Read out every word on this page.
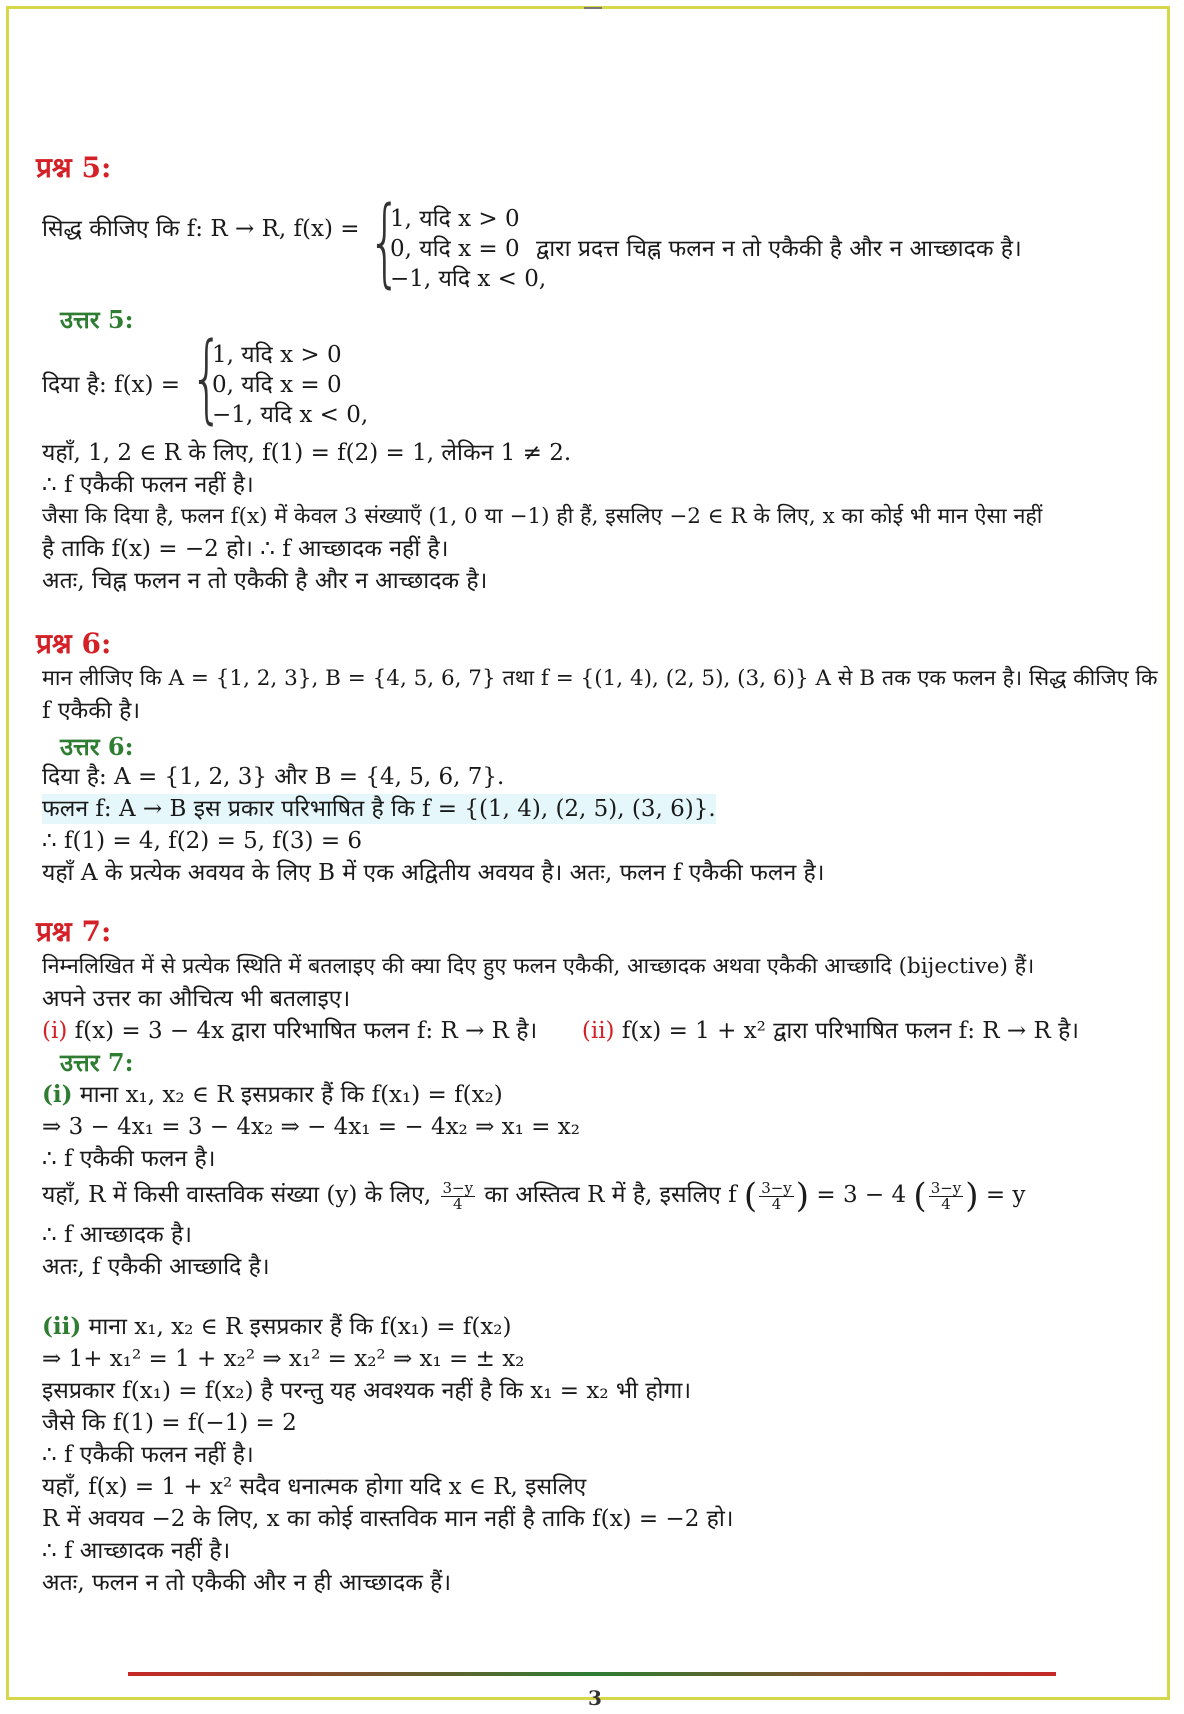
प्रश्न 5:
सिद्ध कीजिए कि f: R → R, f(x) = {
1, यदि x > 0
0, यदि x = 0
−1, यदि x < 0,
द्वारा प्रदत्त चिह्न फलन न तो एकैकी है और न आच्छादक है।
उत्तर 5:
दिया है: f(x) = {
1, यदि x > 0
0, यदि x = 0
−1, यदि x < 0,
यहाँ, 1, 2 ∈ R के लिए, f(1) = f(2) = 1, लेकिन 1 ≠ 2.
∴ f एकैकी फलन नहीं है।
जैसा कि दिया है, फलन f(x) में केवल 3 संख्याएँ (1, 0 या −1) ही हैं, इसलिए −2 ∈ R के लिए, x का कोई भी मान ऐसा नहीं
है ताकि f(x) = −2 हो। ∴ f आच्छादक नहीं है।
अतः, चिह्न फलन न तो एकैकी है और न आच्छादक है।
प्रश्न 6:
मान लीजिए कि A = {1, 2, 3}, B = {4, 5, 6, 7} तथा f = {(1, 4), (2, 5), (3, 6)} A से B तक एक फलन है। सिद्ध कीजिए कि
f एकैकी है।
उत्तर 6:
दिया है: A = {1, 2, 3} और B = {4, 5, 6, 7}.
फलन f: A → B इस प्रकार परिभाषित है कि f = {(1, 4), (2, 5), (3, 6)}.
∴ f(1) = 4, f(2) = 5, f(3) = 6
यहाँ A के प्रत्येक अवयव के लिए B में एक अद्वितीय अवयव है। अतः, फलन f एकैकी फलन है।
प्रश्न 7:
निम्नलिखित में से प्रत्येक स्थिति में बतलाइए की क्या दिए हुए फलन एकैकी, आच्छादक अथवा एकैकी आच्छादि (bijective) हैं।
अपने उत्तर का औचित्य भी बतलाइए।
(i) f(x) = 3 − 4x द्वारा परिभाषित फलन f: R → R है। (ii) f(x) = 1 + x² द्वारा परिभाषित फलन f: R → R है।
उत्तर 7:
(i) माना x₁, x₂ ∈ R इसप्रकार हैं कि f(x₁) = f(x₂)
⇒ 3 − 4x₁ = 3 − 4x₂ ⇒ − 4x₁ = − 4x₂ ⇒ x₁ = x₂
∴ f एकैकी फलन है।
यहाँ, R में किसी वास्तविक संख्या (y) के लिए, $\frac{3-y}{4}$ का अस्तित्व R में है, इसलिए f ( $\frac{3-y}{4}$ ) = 3 − 4 ( $\frac{3-y}{4}$ ) = y
∴ f आच्छादक है।
अतः, f एकैकी आच्छादि है।
(ii) माना x₁, x₂ ∈ R इसप्रकार हैं कि f(x₁) = f(x₂)
⇒ 1+ x₁² = 1 + x₂² ⇒ x₁² = x₂² ⇒ x₁ = ± x₂
इसप्रकार f(x₁) = f(x₂) है परन्तु यह अवश्यक नहीं है कि x₁ = x₂ भी होगा।
जैसे कि f(1) = f(−1) = 2
∴ f एकैकी फलन नहीं है।
यहाँ, f(x) = 1 + x² सदैव धनात्मक होगा यदि x ∈ R, इसलिए
R में अवयव −2 के लिए, x का कोई वास्तविक मान नहीं है ताकि f(x) = −2 हो।
∴ f आच्छादक नहीं है।
अतः, फलन न तो एकैकी और न ही आच्छादक हैं।
3
